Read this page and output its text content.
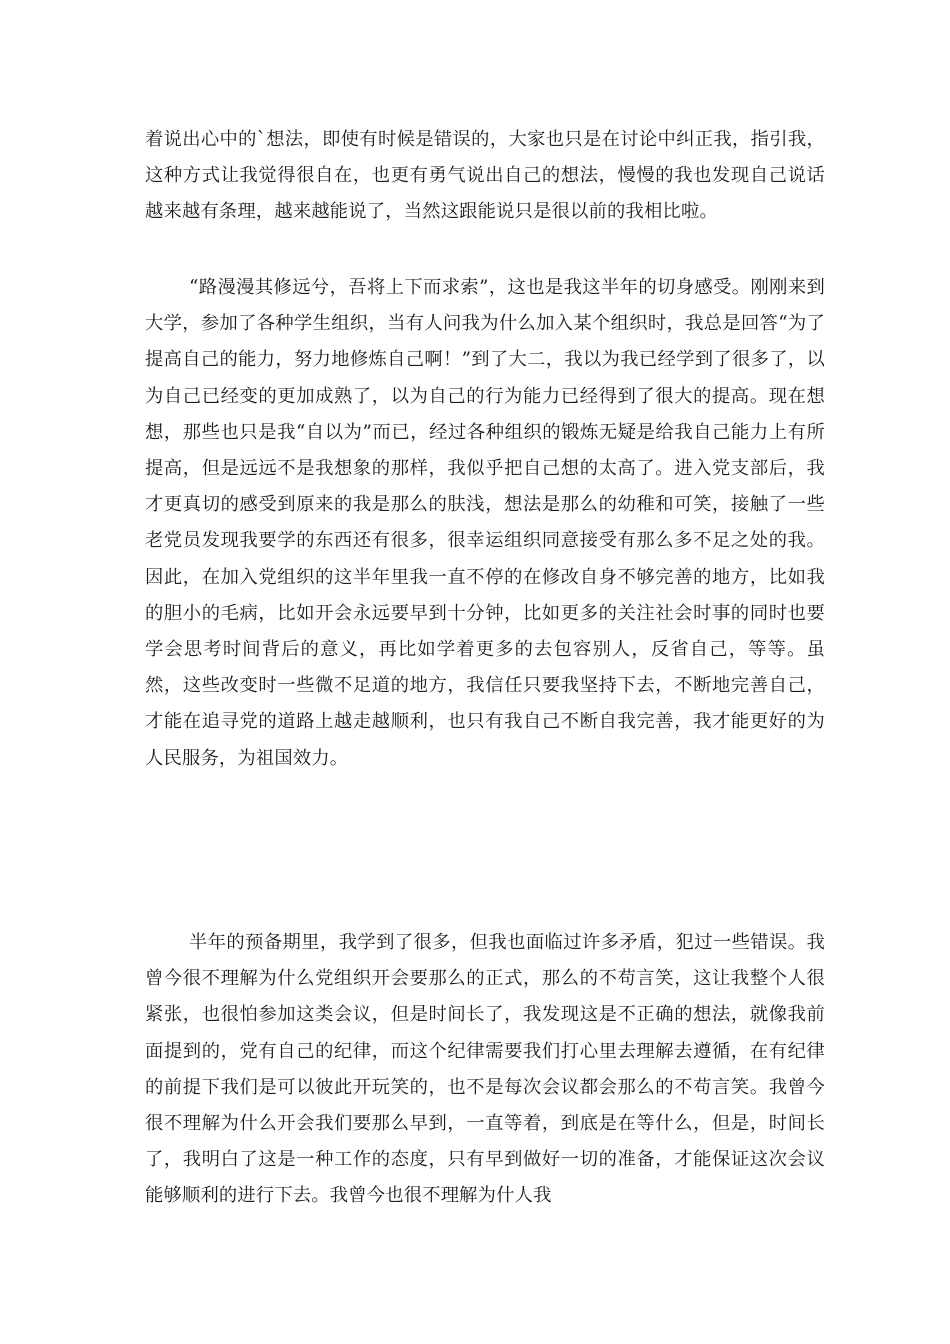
着说出心中的`想法，即使有时候是错误的，大家也只是在讨论中纠正我，指引我，这种方式让我觉得很自在，也更有勇气说出自己的想法，慢慢的我也发现自己说话越来越有条理，越来越能说了，当然这跟能说只是很以前的我相比啦。

“路漫漫其修远兮，吾将上下而求索”，这也是我这半年的切身感受。刚刚来到大学，参加了各种学生组织，当有人问我为什么加入某个组织时，我总是回答“为了提高自己的能力，努力地修炼自己啊！”到了大二，我以为我已经学到了很多了，以为自己已经变的更加成熟了，以为自己的行为能力已经得到了很大的提高。现在想想，那些也只是我“自以为”而已，经过各种组织的锻炼无疑是给我自己能力上有所提高，但是远远不是我想象的那样，我似乎把自己想的太高了。进入党支部后，我才更真切的感受到原来的我是那么的肤浅，想法是那么的幼稚和可笑，接触了一些老党员发现我要学的东西还有很多，很幸运组织同意接受有那么多不足之处的我。因此，在加入党组织的这半年里我一直不停的在修改自身不够完善的地方，比如我的胆小的毛病，比如开会永远要早到十分钟，比如更多的关注社会时事的同时也要学会思考时间背后的意义，再比如学着更多的去包容别人，反省自己，等等。虽然，这些改变时一些微不足道的地方，我信任只要我坚持下去，不断地完善自己，才能在追寻党的道路上越走越顺利，也只有我自己不断自我完善，我才能更好的为人民服务，为祖国效力。

半年的预备期里，我学到了很多，但我也面临过许多矛盾，犯过一些错误。我曾今很不理解为什么党组织开会要那么的正式，那么的不苟言笑，这让我整个人很紧张，也很怕参加这类会议，但是时间长了，我发现这是不正确的想法，就像我前面提到的，党有自己的纪律，而这个纪律需要我们打心里去理解去遵循，在有纪律的前提下我们是可以彼此开玩笑的，也不是每次会议都会那么的不苟言笑。我曾今很不理解为什么开会我们要那么早到，一直等着，到底是在等什么，但是，时间长了，我明白了这是一种工作的态度，只有早到做好一切的准备，才能保证这次会议能够顺利的进行下去。我曾今也很不理解为什人我
